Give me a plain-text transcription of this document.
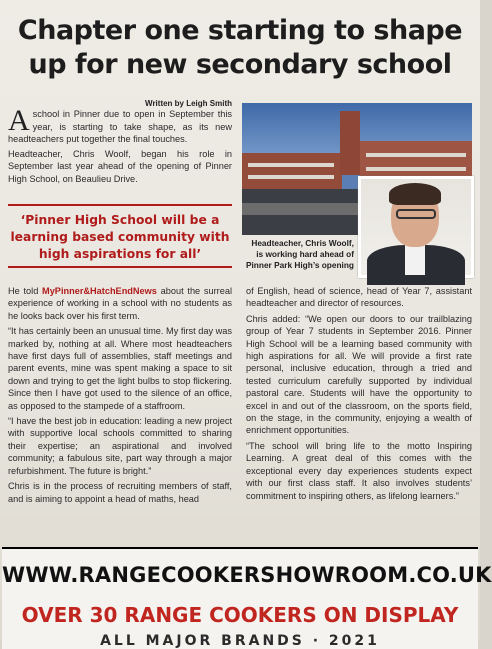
Chapter one starting to shape up for new secondary school
Written by Leigh Smith

Aschool in Pinner due to open in September this year, is starting to take shape, as its new headteachers put together the final touches.

Headteacher, Chris Woolf, began his role in September last year ahead of the opening of Pinner High School, on Beaulieu Drive.

‘Pinner High School will be a learning based community with high aspirations for all’
Headteacher, Chris Woolf, is working hard ahead of Pinner Park High’s opening

He told MyPinner&HatchEndNews about the surreal experience of working in a school with no students as he looks back over his first term.

“It has certainly been an unusual time. My first day was marked by, nothing at all. Where most headteachers have first days full of assemblies, staff meetings and parent events, mine was spent making a space to sit down and trying to get the light bulbs to stop flickering. Since then I have got used to the silence of an office, as opposed to the stampede of a staffroom.

“I have the best job in education: leading a new project with supportive local schools committed to sharing their expertise; an aspirational and involved community; a fabulous site, part way through a major refurbishment. The future is bright.”

Chris is in the process of recruiting members of staff, and is aiming to appoint a head of maths, head

of English, head of science, head of Year 7, assistant headteacher and director of resources.

Chris added: “We open our doors to our trailblazing group of Year 7 students in September 2016. Pinner High School will be a learning based community with high aspirations for all. We will provide a first rate personal, inclusive education, through a tried and tested curriculum carefully supported by individual pastoral care. Students will have the opportunity to excel in and out of the classroom, on the sports field, on the stage, in the community, enjoying a wealth of enrichment opportunities.

“The school will bring life to the motto Inspiring Learning. A great deal of this comes with the exceptional every day experiences students expect with our first class staff. It also involves students’ commitment to inspiring others, as lifelong learners.”

WWW.RANGECOOKERSHOWROOM.CO.UK
OVER 30 RANGE COOKERS ON DISPLAY
ALL MAJOR BRANDS · 2021
